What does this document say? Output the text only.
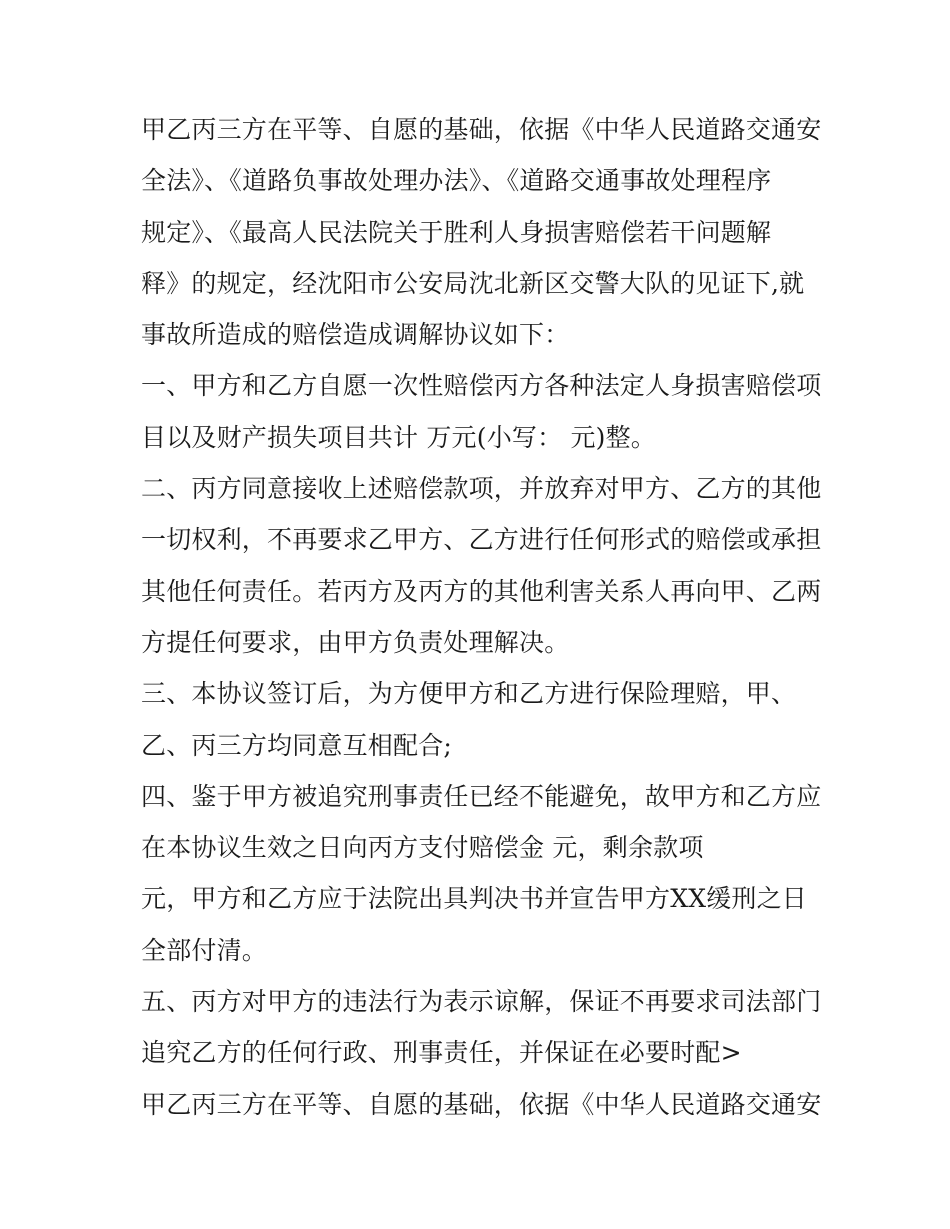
甲乙丙三方在平等、自愿的基础，依据《中华人民道路交通安
全法》、《道路负事故处理办法》、《道路交通事故处理程序
规定》、《最高人民法院关于胜利人身损害赔偿若干问题解
释》的规定，经沈阳市公安局沈北新区交警大队的见证下,就
事故所造成的赔偿造成调解协议如下：
一、甲方和乙方自愿一次性赔偿丙方各种法定人身损害赔偿项
目以及财产损失项目共计 万元(小写： 元)整。
二、丙方同意接收上述赔偿款项，并放弃对甲方、乙方的其他
一切权利，不再要求乙甲方、乙方进行任何形式的赔偿或承担
其他任何责任。若丙方及丙方的其他利害关系人再向甲、乙两
方提任何要求，由甲方负责处理解决。
三、本协议签订后，为方便甲方和乙方进行保险理赔，甲、
乙、丙三方均同意互相配合;
四、鉴于甲方被追究刑事责任已经不能避免，故甲方和乙方应
在本协议生效之日向丙方支付赔偿金 元，剩余款项
元，甲方和乙方应于法院出具判决书并宣告甲方XX缓刑之日
全部付清。
五、丙方对甲方的违法行为表示谅解，保证不再要求司法部门
追究乙方的任何行政、刑事责任，并保证在必要时配>
甲乙丙三方在平等、自愿的基础，依据《中华人民道路交通安
